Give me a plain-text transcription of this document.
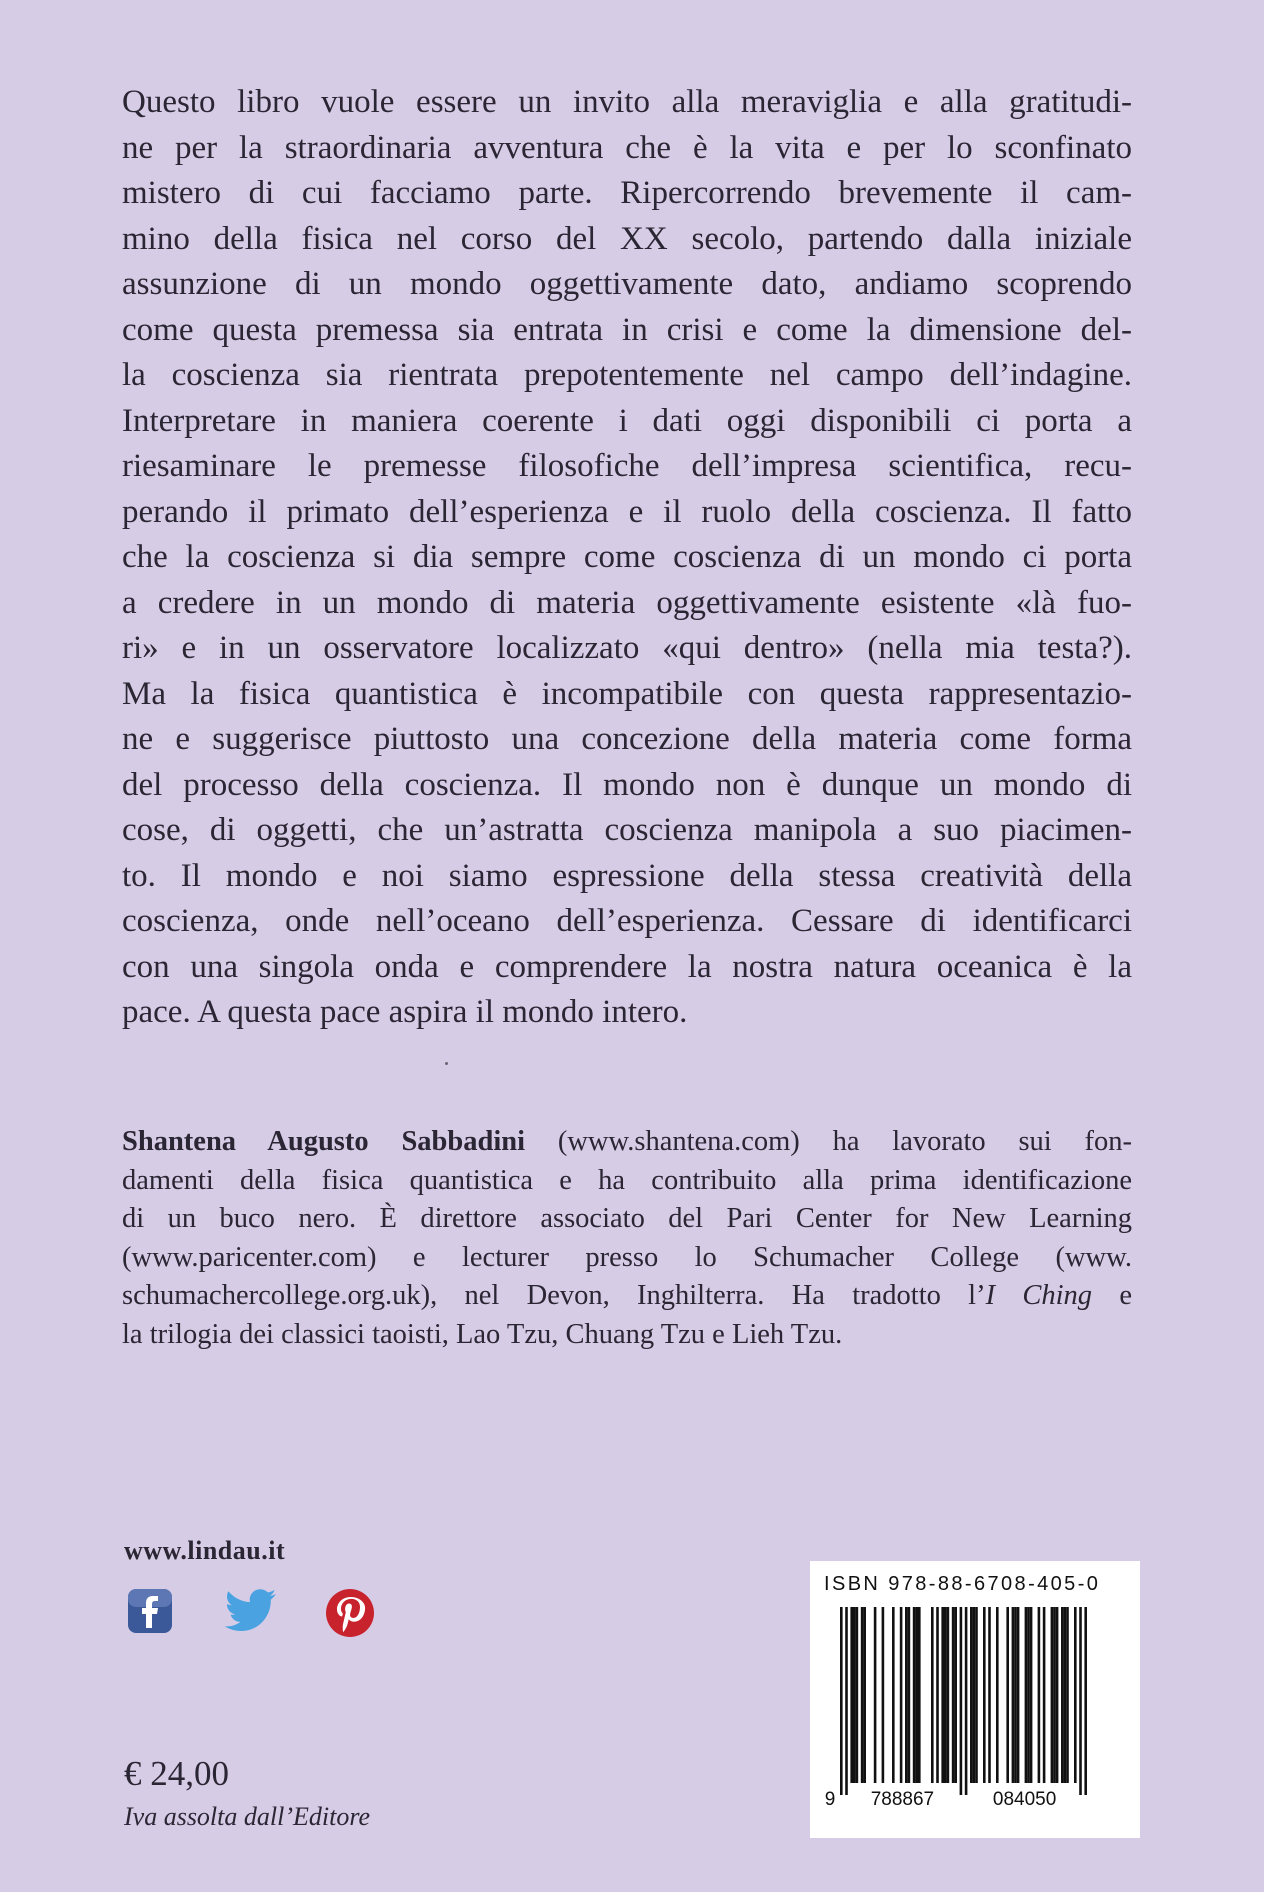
Questo libro vuole essere un invito alla meraviglia e alla gratitudi-
ne per la straordinaria avventura che è la vita e per lo sconfinato
mistero di cui facciamo parte. Ripercorrendo brevemente il cam-
mino della fisica nel corso del XX secolo, partendo dalla iniziale
assunzione di un mondo oggettivamente dato, andiamo scoprendo
come questa premessa sia entrata in crisi e come la dimensione del-
la coscienza sia rientrata prepotentemente nel campo dell’indagine.
Interpretare in maniera coerente i dati oggi disponibili ci porta a
riesaminare le premesse filosofiche dell’impresa scientifica, recu-
perando il primato dell’esperienza e il ruolo della coscienza. Il fatto
che la coscienza si dia sempre come coscienza di un mondo ci porta
a credere in un mondo di materia oggettivamente esistente «là fuo-
ri» e in un osservatore localizzato «qui dentro» (nella mia testa?).
Ma la fisica quantistica è incompatibile con questa rappresentazio-
ne e suggerisce piuttosto una concezione della materia come forma
del processo della coscienza. Il mondo non è dunque un mondo di
cose, di oggetti, che un’astratta coscienza manipola a suo piacimen-
to. Il mondo e noi siamo espressione della stessa creatività della
coscienza, onde nell’oceano dell’esperienza. Cessare di identificarci
con una singola onda e comprendere la nostra natura oceanica è la
pace. A questa pace aspira il mondo intero.
Shantena Augusto Sabbadini (www.shantena.com) ha lavorato sui fon-
damenti della fisica quantistica e ha contribuito alla prima identificazione
di un buco nero. È direttore associato del Pari Center for New Learning
(www.paricenter.com) e lecturer presso lo Schumacher College (www.
schumachercollege.org.uk), nel Devon, Inghilterra. Ha tradotto l’I Ching e
la trilogia dei classici taoisti, Lao Tzu, Chuang Tzu e Lieh Tzu.
www.lindau.it
€ 24,00
Iva assolta dall’Editore
ISBN 978-88-6708-405-0
9 788867	084050
